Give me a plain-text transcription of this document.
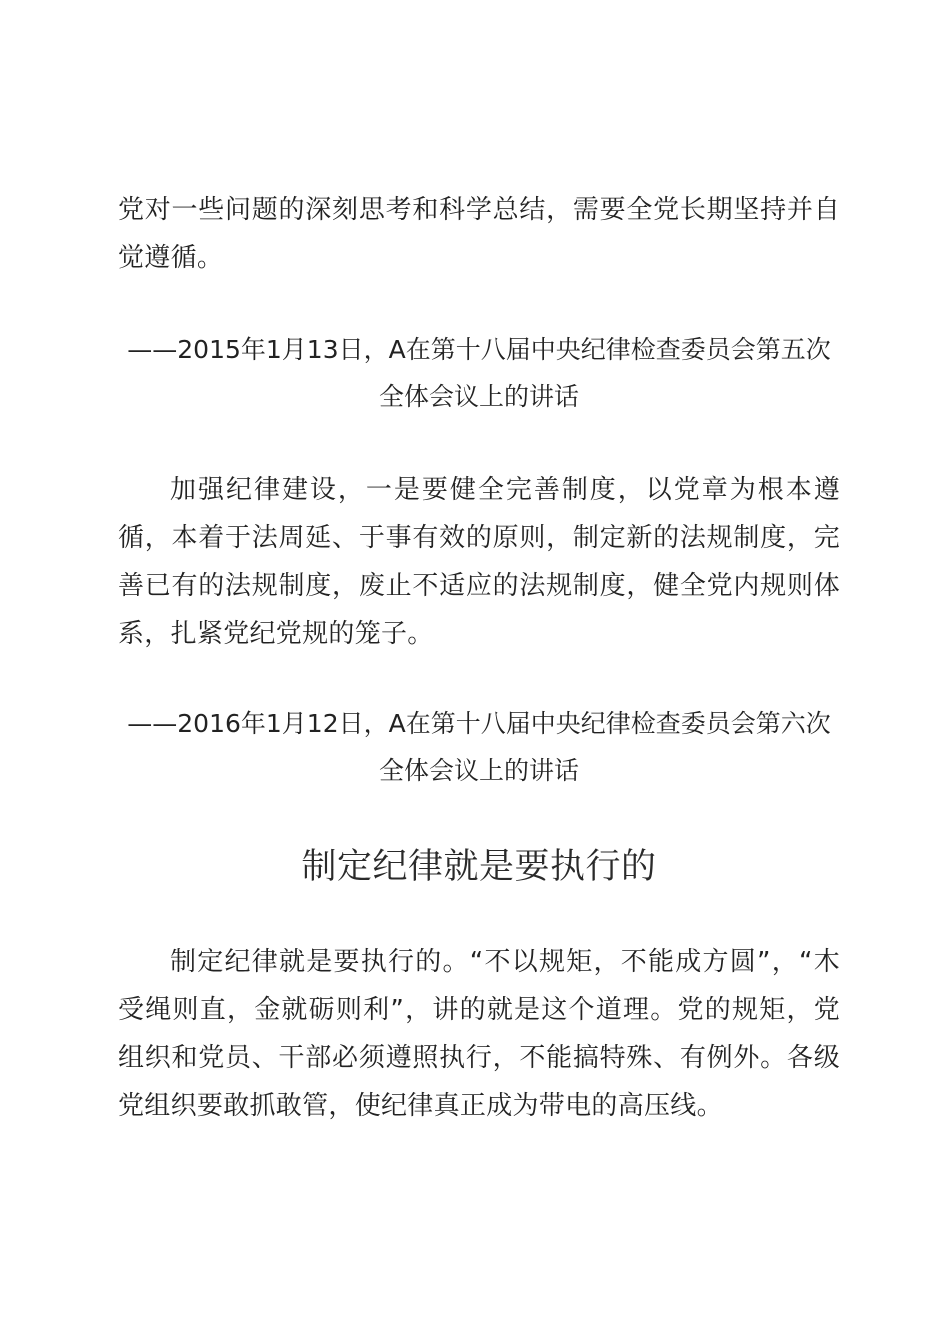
党对一些问题的深刻思考和科学总结，需要全党长期坚持并自觉遵循。

——2015年1月13日，A在第十八届中央纪律检查委员会第五次全体会议上的讲话

加强纪律建设，一是要健全完善制度，以党章为根本遵循，本着于法周延、于事有效的原则，制定新的法规制度，完善已有的法规制度，废止不适应的法规制度，健全党内规则体系，扎紧党纪党规的笼子。

——2016年1月12日，A在第十八届中央纪律检查委员会第六次全体会议上的讲话

制定纪律就是要执行的

制定纪律就是要执行的。“不以规矩，不能成方圆”，“木受绳则直，金就砺则利”，讲的就是这个道理。党的规矩，党组织和党员、干部必须遵照执行，不能搞特殊、有例外。各级党组织要敢抓敢管，使纪律真正成为带电的高压线。
